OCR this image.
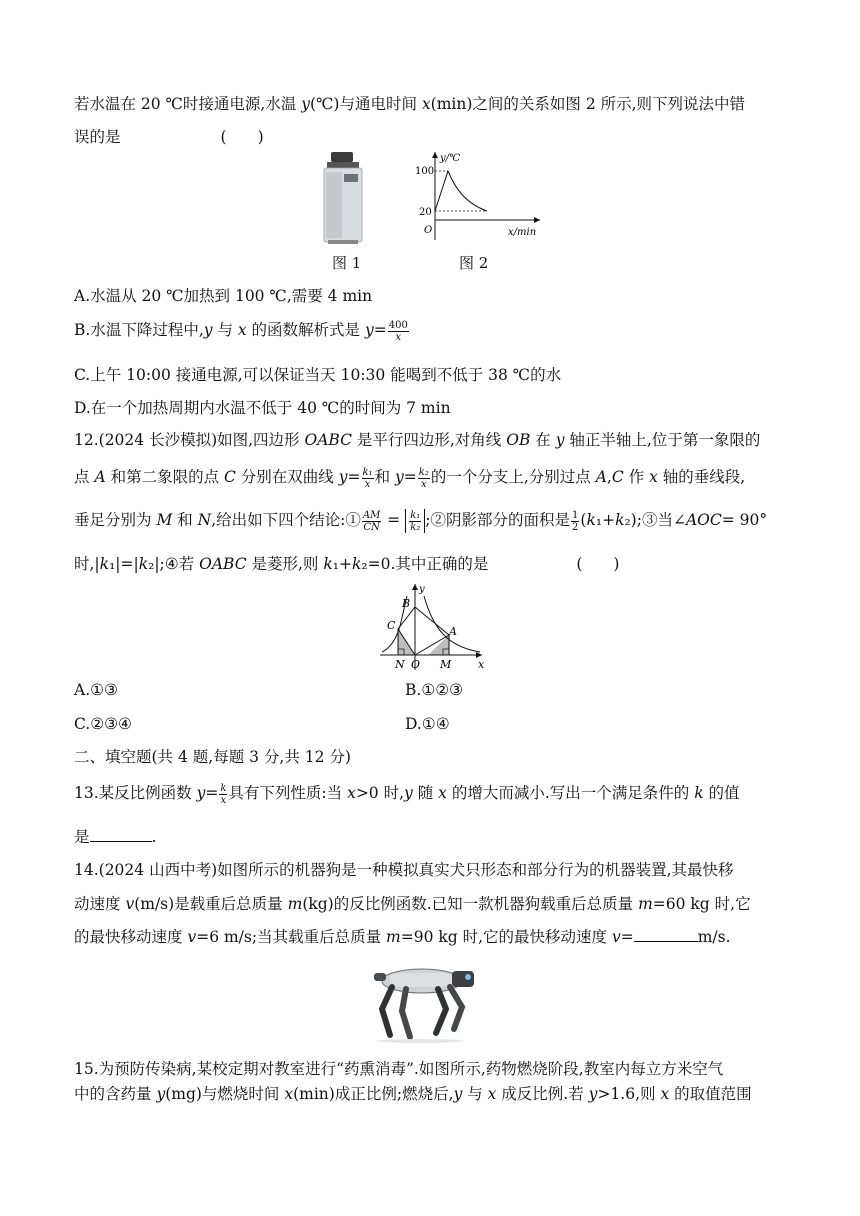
若水温在 20 ℃时接通电源,水温 y(℃)与通电时间 x(min)之间的关系如图 2 所示,则下列说法中错
误的是	(　　)
图 1
y/℃
x/min
100
20
O
图 2
A.水温从 20 ℃加热到 100 ℃,需要 4 min
B.水温下降过程中,y 与 x 的函数解析式是 $y= \frac{400}{x}$
C.上午 10:00 接通电源,可以保证当天 10:30 能喝到不低于 38 ℃的水
D.在一个加热周期内水温不低于 40 ℃的时间为 7 min
12.(2024 长沙模拟)如图,四边形 OABC 是平行四边形,对角线 OB 在 y 轴正半轴上,位于第一象限的
点 A 和第二象限的点 C 分别在双曲线 $y= \frac{\text{k₁}}{x}$ 和 $y= \frac{\text{k₂}}{x}$ 的一个分支上,分别过点 A,C 作 x 轴的垂线段,
垂足分别为 M 和 N,给出如下四个结论:① $\frac{AM}{CN} = \frac{\text{k₁}}{\text{k₂}}$ ;②阴影部分的面积是 $\frac{1}{2}$ (k₁+k₂);③当∠AOC= 90°
时,|k₁|=|k₂|;④若 OABC 是菱形,则 k₁+k₂=0.其中正确的是	(　　)
y
x
B
C	A
N O M
A.①③	B.①②③
C.②③④	D.①④
二、填空题(共 4 题,每题 3 分,共 12 分)
13.某反比例函数 $y= \frac{k}{x}$ 具有下列性质:当 x>0 时,y 随 x 的增大而减小.写出一个满足条件的 k 的值
是	.
14.(2024 山西中考)如图所示的机器狗是一种模拟真实犬只形态和部分行为的机器装置,其最快移
动速度 v(m/s)是载重后总质量 m(kg)的反比例函数.已知一款机器狗载重后总质量 m=60 kg 时,它
的最快移动速度 v=6 m/s;当其载重后总质量 m=90 kg 时,它的最快移动速度 v=	m/s.
15.为预防传染病,某校定期对教室进行“药熏消毒”.如图所示,药物燃烧阶段,教室内每立方米空气
中的含药量 y(mg)与燃烧时间 x(min)成正比例;燃烧后,y 与 x 成反比例.若 y>1.6,则 x 的取值范围
